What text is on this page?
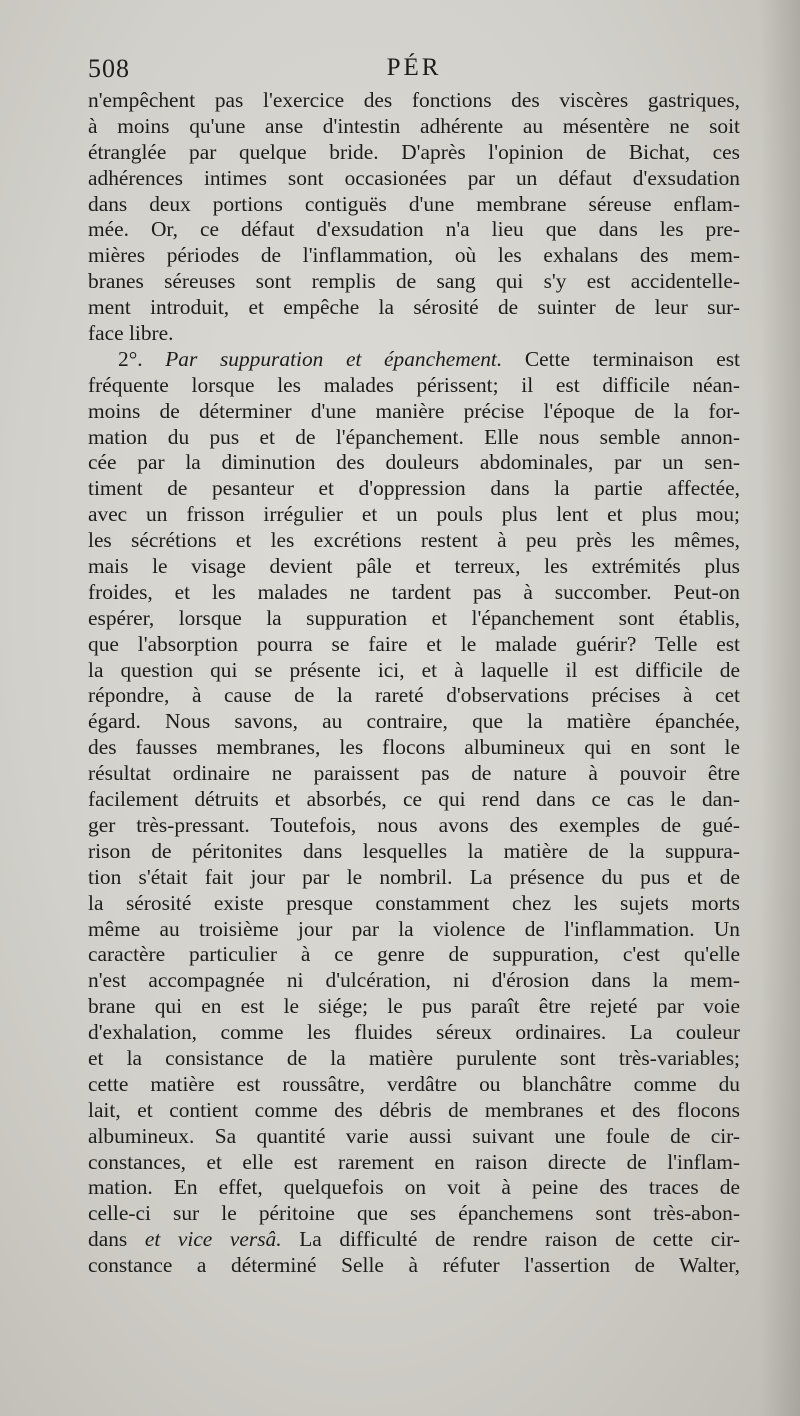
508	PÉR
n'empêchent pas l'exercice des fonctions des viscères gastriques,
à moins qu'une anse d'intestin adhérente au mésentère ne soit
étranglée par quelque bride. D'après l'opinion de Bichat, ces
adhérences intimes sont occasionées par un défaut d'exsudation
dans deux portions contiguës d'une membrane séreuse enflam-
mée. Or, ce défaut d'exsudation n'a lieu que dans les pre-
mières périodes de l'inflammation, où les exhalans des mem-
branes séreuses sont remplis de sang qui s'y est accidentelle-
ment introduit, et empêche la sérosité de suinter de leur sur-
face libre.
2°. Par suppuration et épanchement. Cette terminaison est
fréquente lorsque les malades périssent; il est difficile néan-
moins de déterminer d'une manière précise l'époque de la for-
mation du pus et de l'épanchement. Elle nous semble annon-
cée par la diminution des douleurs abdominales, par un sen-
timent de pesanteur et d'oppression dans la partie affectée,
avec un frisson irrégulier et un pouls plus lent et plus mou;
les sécrétions et les excrétions restent à peu près les mêmes,
mais le visage devient pâle et terreux, les extrémités plus
froides, et les malades ne tardent pas à succomber. Peut-on
espérer, lorsque la suppuration et l'épanchement sont établis,
que l'absorption pourra se faire et le malade guérir? Telle est
la question qui se présente ici, et à laquelle il est difficile de
répondre, à cause de la rareté d'observations précises à cet
égard. Nous savons, au contraire, que la matière épanchée,
des fausses membranes, les flocons albumineux qui en sont le
résultat ordinaire ne paraissent pas de nature à pouvoir être
facilement détruits et absorbés, ce qui rend dans ce cas le dan-
ger très-pressant. Toutefois, nous avons des exemples de gué-
rison de péritonites dans lesquelles la matière de la suppura-
tion s'était fait jour par le nombril. La présence du pus et de
la sérosité existe presque constamment chez les sujets morts
même au troisième jour par la violence de l'inflammation. Un
caractère particulier à ce genre de suppuration, c'est qu'elle
n'est accompagnée ni d'ulcération, ni d'érosion dans la mem-
brane qui en est le siége; le pus paraît être rejeté par voie
d'exhalation, comme les fluides séreux ordinaires. La couleur
et la consistance de la matière purulente sont très-variables;
cette matière est roussâtre, verdâtre ou blanchâtre comme du
lait, et contient comme des débris de membranes et des flocons
albumineux. Sa quantité varie aussi suivant une foule de cir-
constances, et elle est rarement en raison directe de l'inflam-
mation. En effet, quelquefois on voit à peine des traces de
celle-ci sur le péritoine que ses épanchemens sont très-abon-
dans et vice versâ. La difficulté de rendre raison de cette cir-
constance a déterminé Selle à réfuter l'assertion de Walter,
